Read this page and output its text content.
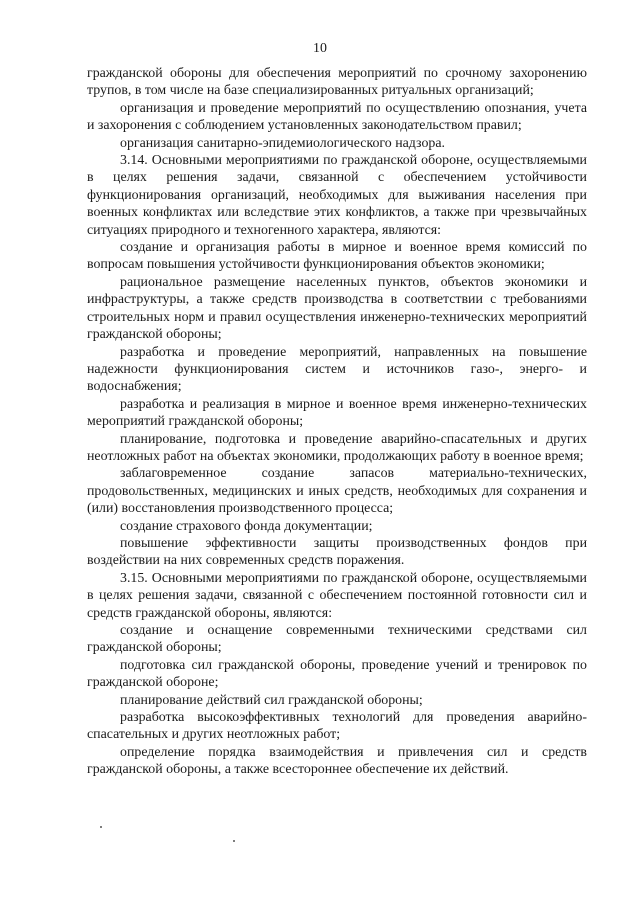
10

гражданской обороны для обеспечения мероприятий по срочному захоронению трупов, в том числе на базе специализированных ритуальных организаций;

организация и проведение мероприятий по осуществлению опознания, учета и захоронения с соблюдением установленных законодательством правил;

организация санитарно-эпидемиологического надзора.

3.14. Основными мероприятиями по гражданской обороне, осуществляемыми в целях решения задачи, связанной с обеспечением устойчивости функционирования организаций, необходимых для выживания населения при военных конфликтах или вследствие этих конфликтов, а также при чрезвычайных ситуациях природного и техногенного характера, являются:

создание и организация работы в мирное и военное время комиссий по вопросам повышения устойчивости функционирования объектов экономики;

рациональное размещение населенных пунктов, объектов экономики и инфраструктуры, а также средств производства в соответствии с требованиями строительных норм и правил осуществления инженерно-технических мероприятий гражданской обороны;

разработка и проведение мероприятий, направленных на повышение надежности функционирования систем и источников газо-, энерго- и водоснабжения;

разработка и реализация в мирное и военное время инженерно-технических мероприятий гражданской обороны;

планирование, подготовка и проведение аварийно-спасательных и других неотложных работ на объектах экономики, продолжающих работу в военное время;

заблаговременное создание запасов материально-технических, продовольственных, медицинских и иных средств, необходимых для сохранения и (или) восстановления производственного процесса;

создание страхового фонда документации;

повышение эффективности защиты производственных фондов при воздействии на них современных средств поражения.

3.15. Основными мероприятиями по гражданской обороне, осуществляемыми в целях решения задачи, связанной с обеспечением постоянной готовности сил и средств гражданской обороны, являются:

создание и оснащение современными техническими средствами сил гражданской обороны;

подготовка сил гражданской обороны, проведение учений и тренировок по гражданской обороне;

планирование действий сил гражданской обороны;

разработка высокоэффективных технологий для проведения аварийно-спасательных и других неотложных работ;

определение порядка взаимодействия и привлечения сил и средств гражданской обороны, а также всестороннее обеспечение их действий.
